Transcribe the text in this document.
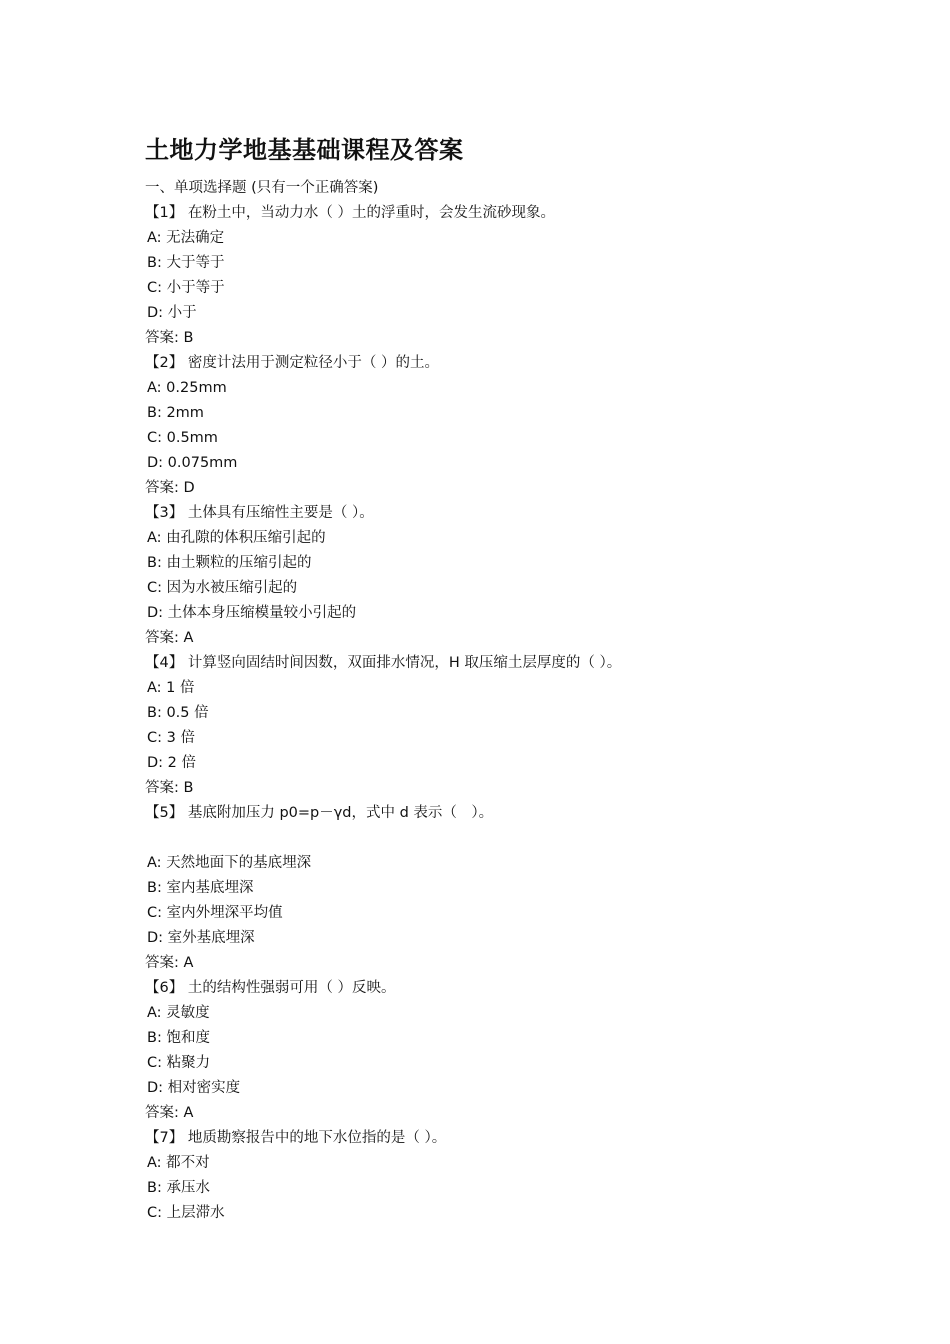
土地力学地基基础课程及答案
一、单项选择题 (只有一个正确答案)
【1】 在粉土中，当动力水（ ）土的浮重时，会发生流砂现象。
A: 无法确定
B: 大于等于
C: 小于等于
D: 小于
答案: B
【2】 密度计法用于测定粒径小于（ ）的土。
A: 0.25mm
B: 2mm
C: 0.5mm
D: 0.075mm
答案: D
【3】 土体具有压缩性主要是（ ）。
A: 由孔隙的体积压缩引起的
B: 由土颗粒的压缩引起的
C: 因为水被压缩引起的
D: 土体本身压缩模量较小引起的
答案: A
【4】 计算竖向固结时间因数，双面排水情况，H 取压缩土层厚度的（ ）。
A: 1 倍
B: 0.5 倍
C: 3 倍
D: 2 倍
答案: B
【5】 基底附加压力 p0=p－γd，式中 d 表示（　）。
A: 天然地面下的基底埋深
B: 室内基底埋深
C: 室内外埋深平均值
D: 室外基底埋深
答案: A
【6】 土的结构性强弱可用（ ）反映。
A: 灵敏度
B: 饱和度
C: 粘聚力
D: 相对密实度
答案: A
【7】 地质勘察报告中的地下水位指的是（ ）。
A: 都不对
B: 承压水
C: 上层滞水
